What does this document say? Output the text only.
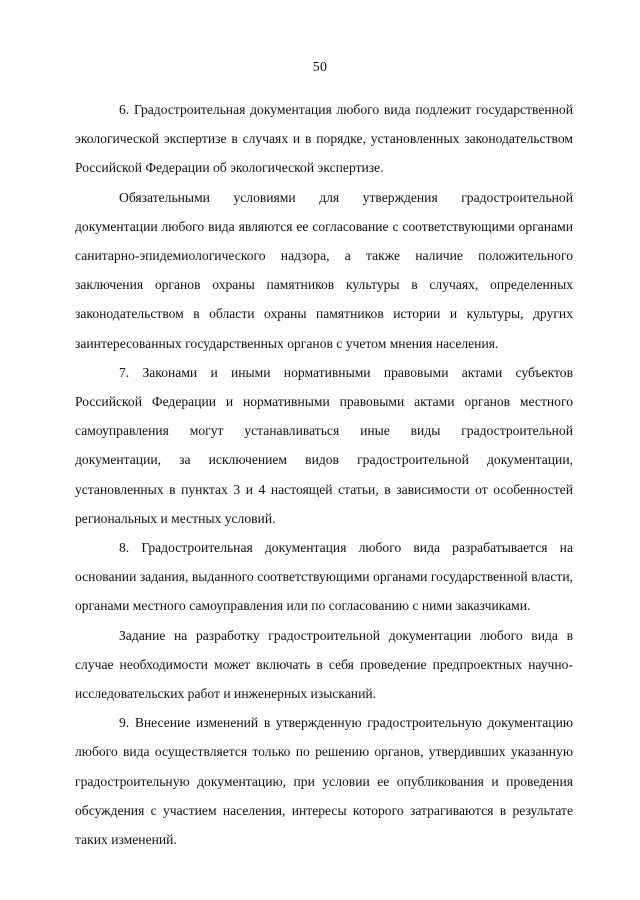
50

6. Градостроительная документация любого вида подлежит государственной экологической экспертизе в случаях и в порядке, установленных законодательством Российской Федерации об экологической экспертизе.

Обязательными условиями для утверждения градостроительной документации любого вида являются ее согласование с соответствующими органами санитарно-эпидемиологического надзора, а также наличие положительного заключения органов охраны памятников культуры в случаях, определенных законодательством в области охраны памятников истории и культуры, других заинтересованных государственных органов с учетом мнения населения.

7. Законами и иными нормативными правовыми актами субъектов Российской Федерации и нормативными правовыми актами органов местного самоуправления могут устанавливаться иные виды градостроительной документации, за исключением видов градостроительной документации, установленных в пунктах 3 и 4 настоящей статьи, в зависимости от особенностей региональных и местных условий.

8. Градостроительная документация любого вида разрабатывается на основании задания, выданного соответствующими органами государственной власти, органами местного самоуправления или по согласованию с ними заказчиками.

Задание на разработку градостроительной документации любого вида в случае необходимости может включать в себя проведение предпроектных научно-исследовательских работ и инженерных изысканий.

9. Внесение изменений в утвержденную градостроительную документацию любого вида осуществляется только по решению органов, утвердивших указанную градостроительную документацию, при условии ее опубликования и проведения обсуждения с участием населения, интересы которого затрагиваются в результате таких изменений.
